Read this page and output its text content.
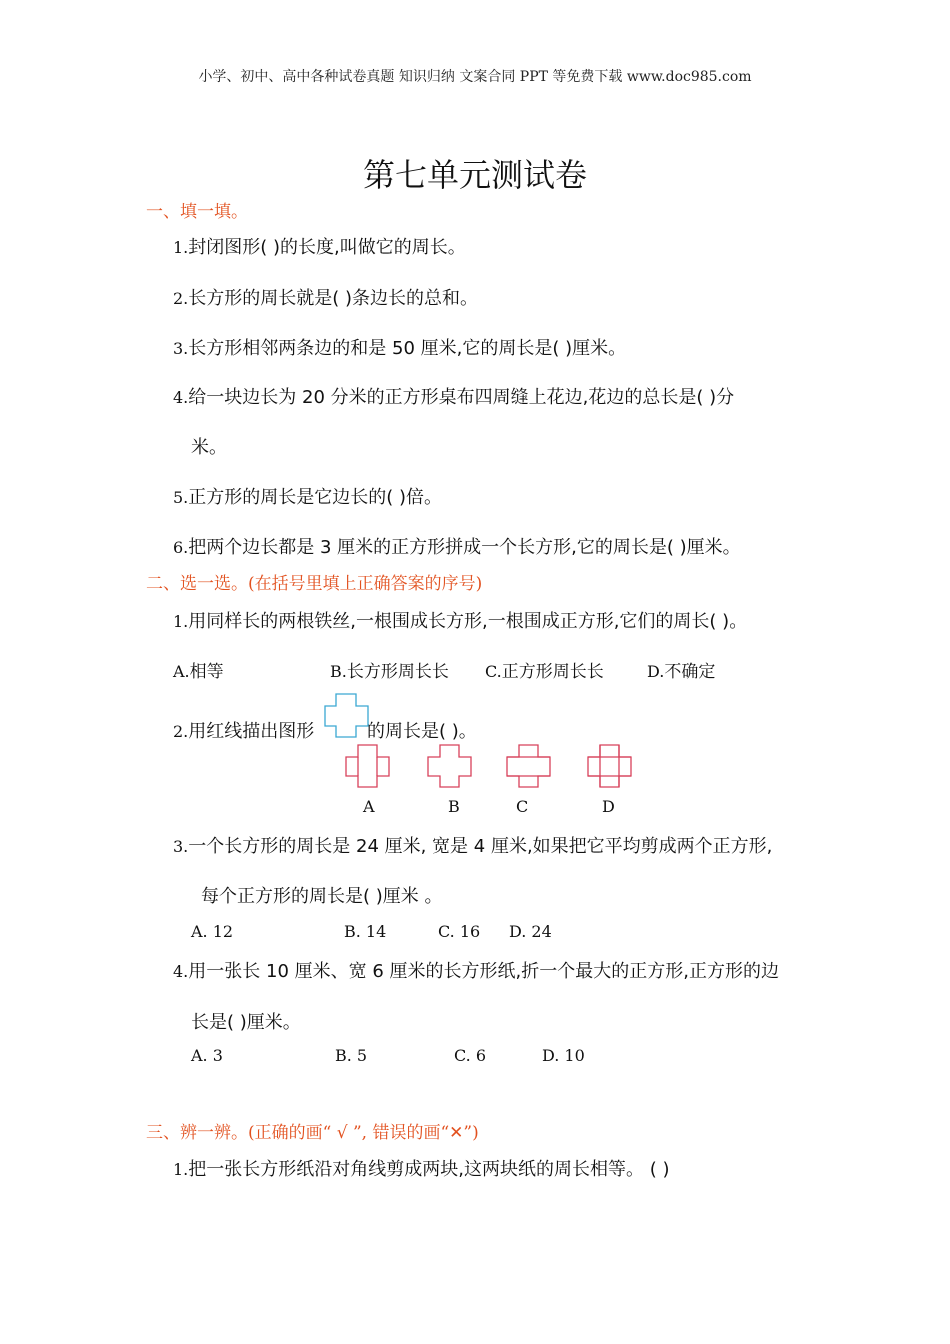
小学、初中、高中各种试卷真题 知识归纳 文案合同 PPT 等免费下载 www.doc985.com
第七单元测试卷
一、填一填。
1.封闭图形( )的长度,叫做它的周长。
2.长方形的周长就是( )条边长的总和。
3.长方形相邻两条边的和是 50 厘米,它的周长是( )厘米。
4.给一块边长为 20 分米的正方形桌布四周缝上花边,花边的总长是( )分
米。
5.正方形的周长是它边长的( )倍。
6.把两个边长都是 3 厘米的正方形拼成一个长方形,它的周长是( )厘米。
二、选一选。(在括号里填上正确答案的序号)
1.用同样长的两根铁丝,一根围成长方形,一根围成正方形,它们的周长( )。
A.相等	B.长方形周长长 C.正方形周长长	D.不确定
2.用红线描出图形	的周长是( )。
A	B	C	D
3.一个长方形的周长是 24 厘米, 宽是 4 厘米,如果把它平均剪成两个正方形,
每个正方形的周长是( )厘米 。
A. 12	B. 14	C. 16 D. 24
4.用一张长 10 厘米、宽 6 厘米的长方形纸,折一个最大的正方形,正方形的边
长是( )厘米。
A. 3	B. 5	C. 6	D. 10
三、辨一辨。(正确的画“ √ ”, 错误的画“✕”)
1.把一张长方形纸沿对角线剪成两块,这两块纸的周长相等。 ( )
